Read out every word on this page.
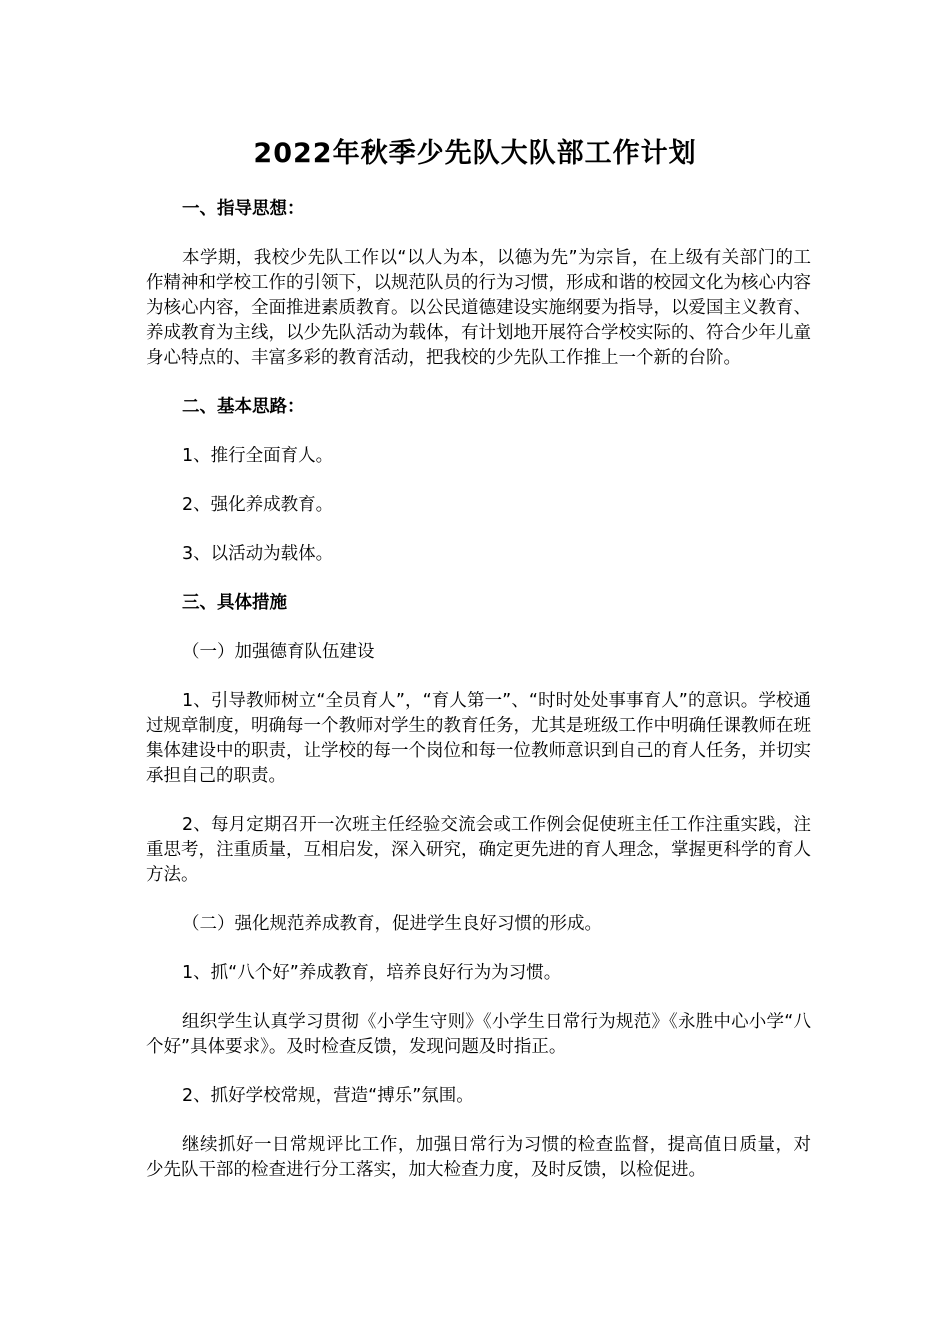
2022年秋季少先队大队部工作计划

一、指导思想：

本学期，我校少先队工作以“以人为本，以德为先”为宗旨，在上级有关部门的工作精神和学校工作的引领下，以规范队员的行为习惯，形成和谐的校园文化为核心内容为核心内容，全面推进素质教育。以公民道德建设实施纲要为指导，以爱国主义教育、养成教育为主线，以少先队活动为载体，有计划地开展符合学校实际的、符合少年儿童身心特点的、丰富多彩的教育活动，把我校的少先队工作推上一个新的台阶。

二、基本思路：

1、推行全面育人。

2、强化养成教育。

3、以活动为载体。

三、具体措施

（一）加强德育队伍建设

1、引导教师树立“全员育人”，“育人第一”、“时时处处事事育人”的意识。学校通过规章制度，明确每一个教师对学生的教育任务，尤其是班级工作中明确任课教师在班集体建设中的职责，让学校的每一个岗位和每一位教师意识到自己的育人任务，并切实承担自己的职责。

2、每月定期召开一次班主任经验交流会或工作例会促使班主任工作注重实践，注重思考，注重质量，互相启发，深入研究，确定更先进的育人理念，掌握更科学的育人方法。

（二）强化规范养成教育，促进学生良好习惯的形成。

1、抓“八个好”养成教育，培养良好行为为习惯。

组织学生认真学习贯彻《小学生守则》《小学生日常行为规范》《永胜中心小学“八个好”具体要求》。及时检查反馈，发现问题及时指正。

2、抓好学校常规，营造“搏乐”氛围。

继续抓好一日常规评比工作，加强日常行为习惯的检查监督，提高值日质量，对少先队干部的检查进行分工落实，加大检查力度，及时反馈，以检促进。
